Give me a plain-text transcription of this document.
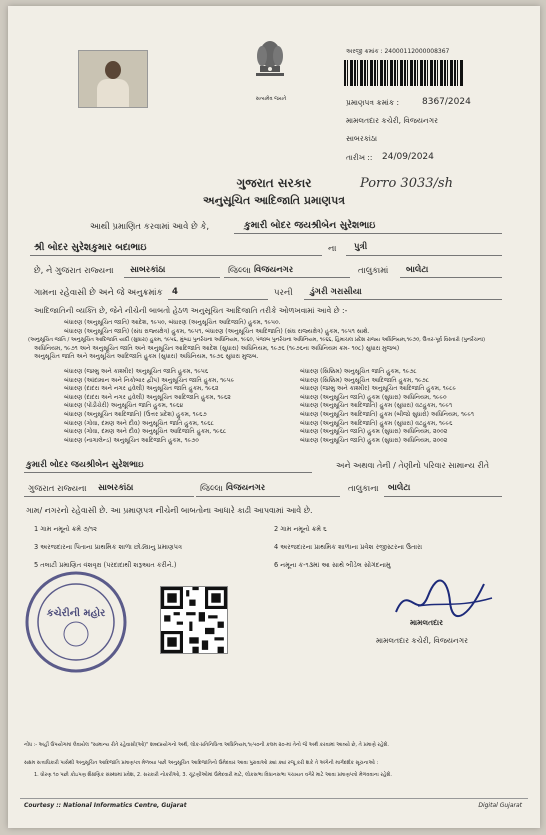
સત્યમેવ જયતે
અરજી ક્રમાંક : 24000112000008367
પ્રમાણપત્ર ક્રમાંક :	8367/2024
મામલતદાર કચેરી, વિજયનગર
સાબરકાંઠા
તારીખ :: 24/09/2024
ગુજરાત સરકાર
અનુસૂચિત આદિજાતિ પ્રમાણપત્ર
Porro 3033/sh
આથી પ્રમાણિત કરવામાં આવે છે કે,	કુમારી બોદર જયશ્રીબેન સુરેશભાઇ
શ્રી બોદર સુરેશકુમાર બદાભાઇ	ના પુત્રી
છે, ને ગુજરાત રાજ્યના સાબરકાંઠા	જિલ્લા વિજયનગર	તાલુકામાં બાલેટા
ગામના રહેવાસી છે અને જે અનુક્રમાંક 4	પરની ડુંગરી ગરાસીયા
આદિજાતિની વ્યક્તિ છે, જેને નીચેની બાબતો હેઠળ અનુસૂચિત આદિજાતિ તરીકે ઓળખવામાં આવે છે :-
બંધારણ (અનુસૂચિત જાતિ) આદેશ, ૧૯૫૦, બંધારણ (અનુસૂચિત આદિજાતિ) હુકમ, ૧૯૫૦.
બંધારણ (અનુસૂચિત જાતિ) (સંઘ રાજ્યક્ષેત્ર) હુકમ, ૧૯૫૧, બંધારણ (અનુસૂચિત આદિજાતિ) (સંઘ રાજ્યક્ષેત્ર) હુકમ, ૧૯૫૧ સાથે.
(અનુસૂચિત જાતિ / અનુસૂચિત આદિજાતિ યાદી (સુધારા) હુકમ, ૧૯૫૬, મુંબઇ પુનર્રચના અધિનિયમ, ૧૯૬૦, પંજાબ પુનર્રચના અધિનિયમ, ૧૯૬૬, હિમાચલ પ્રદેશ રાજ્ય અધિનિયમ,૧૯૭૦, ઉત્તર-પૂર્વ વિસ્તારો (પુનર્રચના)
અધિનિયમ, ૧૯૭૧ અને અનુસૂચિત જાતિ અને અનુસૂચિત આદિજાતિ આદેશ (સુધારા) અધિનિયમ, ૧૯૭૬ (૧૯૭૬ના અધિનિયમ ક્રમ- ૧૦૮) સુધારા મુજબ)
અનુસૂચિત જાતિ અને અનુસૂચિત આદિજાતિ હુકમ (સુધારા) અધિનિયમ, ૧૯૭૬ સુધારા મુજબ.
બંધારણ (જમ્મુ અને કાશ્મીર) અનુસૂચિત જાતિ હુકમ, ૧૯૫૬
બંધારણ (આંદામાન અને નિકોબાર દ્વીપ) અનુસૂચિત જાતિ હુકમ, ૧૯૫૯
બંધારણ (દાદરા અને નગર હવેલી) અનુસૂચિત જાતિ હુકમ, ૧૯૬૨
બંધારણ (દાદરા અને નગર હવેલી) અનુસૂચિત આદિજાતિ હુકમ, ૧૯૬૨
બંધારણ (પોંડીચેરી) અનુસૂચિત જાતિ હુકમ, ૧૯૬૪
બંધારણ (અનુસૂચિત આદિજાતિ) (ઉત્તર પ્રદેશ) હુકમ, ૧૯૬૭
બંધારણ (ગોવા, દમણ અને દીવ) અનુસૂચિત જાતિ હુકમ, ૧૯૬૮
બંધારણ (ગોવા, દમણ અને દીવ) અનુસૂચિત આદિજાતિ હુકમ, ૧૯૬૮
બંધારણ (નાગાલેન્ડ) અનુસૂચિત આદિજાતિ હુકમ, ૧૯૭૦
બંધારણ (સિક્કિમ) અનુસૂચિત જાતિ હુકમ, ૧૯૭૮
બંધારણ (સિક્કિમ) અનુસૂચિત આદિજાતિ હુકમ, ૧૯૭૮
બંધારણ (જમ્મુ અને કાશ્મીર) અનુસૂચિત આદિજાતિ હુકમ, ૧૯૮૯
બંધારણ (અનુસૂચિત જાતિ) હુકમ (સુધારા) અધિનિયમ, ૧૯૯૦
બંધારણ (અનુસૂચિત આદિજાતિ) હુકમ (સુધારા) વટહુકમ, ૧૯૯૧
બંધારણ (અનુસૂચિત આદિજાતિ) હુકમ (બીજો સુધારો) અધિનિયમ, ૧૯૯૧
બંધારણ (અનુસૂચિત આદિજાતિ) હુકમ (સુધારા) વટહુકમ, ૧૯૯૬
બંધારણ (અનુસૂચિત જાતિ) હુકમ (સુધારા) અધિનિયમ, ૨૦૦૨
બંધારણ (અનુસૂચિત જાતિ) હુકમ (સુધારા) અધિનિયમ, ૨૦૦૨
કુમારી બોદર જયશ્રીબેન સુરેશભાઇ	અને અથવા તેની / તેણીનો પરિવાર સામાન્ય રીતે
ગુજરાત રાજ્યના સાબરકાંઠા	જિલ્લા વિજયનગર	તાલુકાના બાલેટા
ગામ/ નગરનો રહેવાસી છે. આ પ્રમાણપત્ર નીચેની બાબતોના આધારે કાઢી આપવામાં આવે છે.
1 ગામ નમૂનો ક્રમે ૭/૧૨	2 ગામ નમૂનો ક્રમે ૬
3 અરજદારના પિતાના પ્રાથમિક શાળા છોડ્યાનુ પ્રમાણપત્ર	4 અરજદારના પ્રાથમિક શાળાના પ્રવેશ રજીસ્ટરના ઉતારા
5 તલાટી પ્રમાણિત વંશવૃક્ષ (પરદાદાથી શરૂઆત કરીને.)	6 નમૂના ક-૧૩માં આ સાથે બીડેલ સોગંદનામુ
કચેરીની મહોર
મામલતદાર
મામલતદાર કચેરી, વિજયનગર
નોંધ :- અહીં ઉપયોગમાં લેવાયેલ "સામાન્ય રીતે રહેવાસી(ઓ)" શબ્દપ્રયોગનો અર્થ, લોક-પ્રતિનિધિત્વ અધિનિયમ,૧૯૫૦ની કલમ ૨૦-માં તેનો જે અર્થ કરવામાં આવ્યો છે, તે પ્રમાણે રહેશે.
સક્ષમ સત્તાધિકારી પાસેથી અનુસૂચિત આદિજાતિ પ્રમાણપત્ર મેળવ્યા પછી અનુસૂચિત આદિજાતિનો ઉમેદવાર આવા પુરાવાઓ ક્યાં ક્યાં રજૂ કરી શકે તે અંગેની માર્ગદર્શક સૂચનાઓ :
1. ધોરણ ૧૦ પછી કોઇપણ શૈક્ષણિક સંસ્થામાં પ્રવેશ, 2. સરકારી નોકરીઓ, 3. ચૂંટણીઓમાં ઉમેદવારી માટે, લોકસભા વિધાનસભા પંચાયત વગેરે માટે આવા પ્રમાણપત્રો મેળવવાના રહેશે.
Courtesy :: National Informatics Centre, Gujarat	Digital Gujarat
